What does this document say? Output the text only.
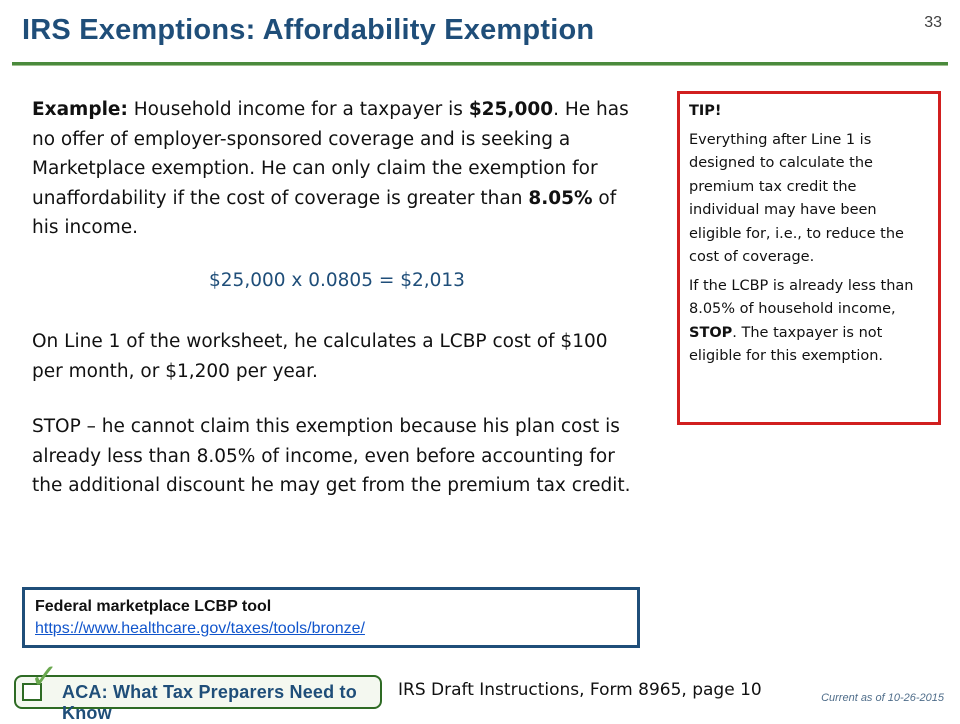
IRS Exemptions: Affordability Exemption	33

Example: Household income for a taxpayer is $25,000. He has no offer of employer-sponsored coverage and is seeking a Marketplace exemption. He can only claim the exemption for unaffordability if the cost of coverage is greater than 8.05% of his income.

$25,000 x 0.0805 = $2,013
On Line 1 of the worksheet, he calculates a LCBP cost of $100 per month, or $1,200 per year.
STOP – he cannot claim this exemption because his plan cost is already less than 8.05% of income, even before accounting for the additional discount he may get from the premium tax credit.

TIP!

Everything after Line 1 is designed to calculate the premium tax credit the individual may have been eligible for, i.e., to reduce the cost of coverage.

If the LCBP is already less than 8.05% of household income, STOP. The taxpayer is not eligible for this exemption.

Federal marketplace LCBP tool
https://www.healthcare.gov/taxes/tools/bronze/
✓ ACA: What Tax Preparers Need to Know
IRS Draft Instructions, Form 8965, page 10	Current as of 10-26-2015
